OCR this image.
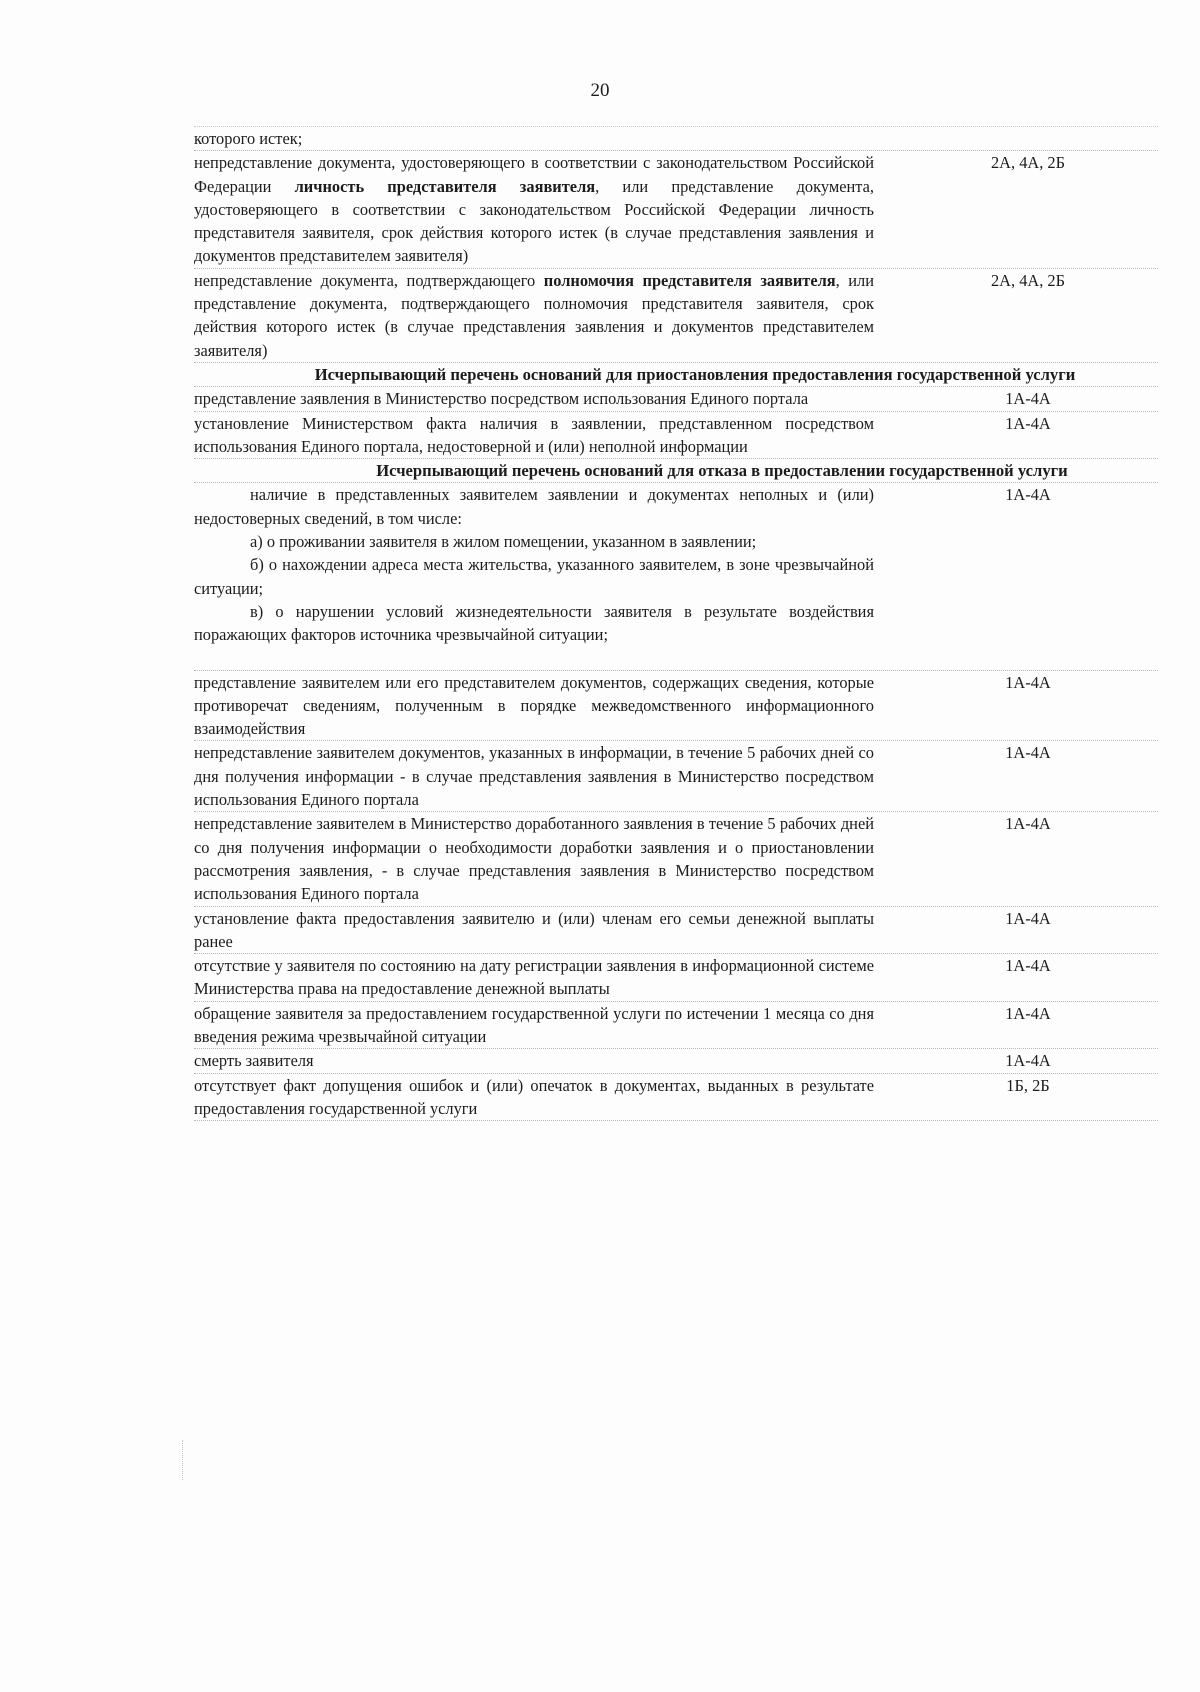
20
которого истек;
непредставление документа, удостоверяющего в соответствии с законодательством Российской Федерации личность представителя заявителя, или представление документа, удостоверяющего в соответствии с законодательством Российской Федерации личность представителя заявителя, срок действия которого истек (в случае представления заявления и документов представителем заявителя)
2А, 4А, 2Б
непредставление документа, подтверждающего полномочия представителя заявителя, или представление документа, подтверждающего полномочия представителя заявителя, срок действия которого истек (в случае представления заявления и документов представителем заявителя)
2А, 4А, 2Б
Исчерпывающий перечень оснований для приостановления предоставления государственной услуги
представление заявления в Министерство посредством использования Единого портала	1А-4А
установление Министерством факта наличия в заявлении, представленном посредством использования Единого портала, недостоверной и (или) неполной информации
1А-4А
Исчерпывающий перечень оснований для отказа в предоставлении государственной услуги

наличие в представленных заявителем заявлении и документах неполных и (или) недостоверных сведений, в том числе:

а) о проживании заявителя в жилом помещении, указанном в заявлении;

б) о нахождении адреса места жительства, указанного заявителем, в зоне чрезвычайной ситуации;

в) о нарушении условий жизнедеятельности заявителя в результате воздействия поражающих факторов источника чрезвычайной ситуации;

1А-4А
представление заявителем или его представителем документов, содержащих сведения, которые противоречат сведениям, полученным в порядке межведомственного информационного взаимодействия
1А-4А
непредставление заявителем документов, указанных в информации, в течение 5 рабочих дней со дня получения информации - в случае представления заявления в Министерство посредством использования Единого портала
1А-4А
непредставление заявителем в Министерство доработанного заявления в течение 5 рабочих дней со дня получения информации о необходимости доработки заявления и о приостановлении рассмотрения заявления, - в случае представления заявления в Министерство посредством использования Единого портала
1А-4А
установление факта предоставления заявителю и (или) членам его семьи денежной выплаты ранее
1А-4А
отсутствие у заявителя по состоянию на дату регистрации заявления в информационной системе Министерства права на предоставление денежной выплаты
1А-4А
обращение заявителя за предоставлением государственной услуги по истечении 1 месяца со дня введения режима чрезвычайной ситуации
1А-4А
смерть заявителя	1А-4А
отсутствует факт допущения ошибок и (или) опечаток в документах, выданных в результате предоставления государственной услуги
1Б, 2Б
